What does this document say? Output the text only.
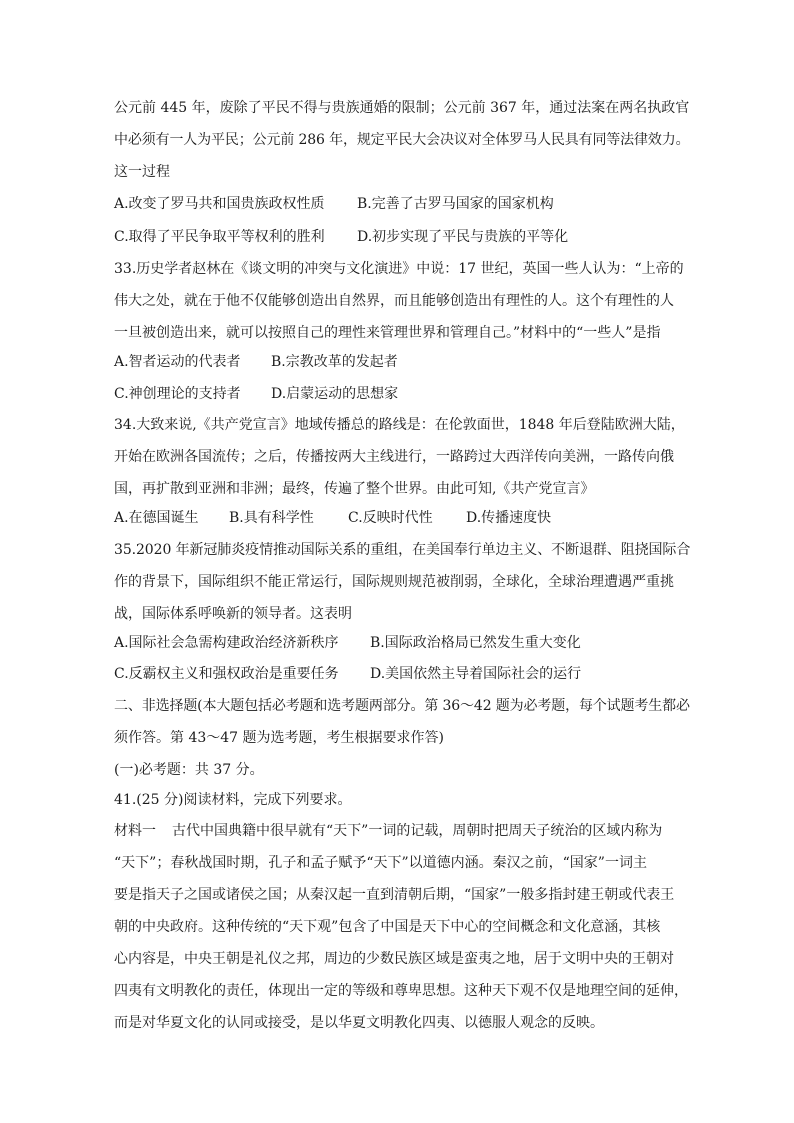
公元前 445 年，废除了平民不得与贵族通婚的限制；公元前 367 年，通过法案在两名执政官
中必须有一人为平民；公元前 286 年，规定平民大会决议对全体罗马人民具有同等法律效力。
这一过程
A.改变了罗马共和国贵族政权性质 B.完善了古罗马国家的国家机构
C.取得了平民争取平等权利的胜利 D.初步实现了平民与贵族的平等化
33.历史学者赵林在《谈文明的冲突与文化演进》中说：17 世纪，英国一些人认为：“上帝的
伟大之处，就在于他不仅能够创造出自然界，而且能够创造出有理性的人。这个有理性的人
一旦被创造出来，就可以按照自己的理性来管理世界和管理自己。”材料中的“一些人”是指
A.智者运动的代表者 B.宗教改革的发起者
C.神创理论的支持者 D.启蒙运动的思想家
34.大致来说,《共产党宣言》地域传播总的路线是：在伦敦面世，1848 年后登陆欧洲大陆，
开始在欧洲各国流传；之后，传播按两大主线进行，一路跨过大西洋传向美洲，一路传向俄
国，再扩散到亚洲和非洲；最终，传遍了整个世界。由此可知,《共产党宣言》
A.在德国诞生 B.具有科学性 C.反映时代性 D.传播速度快
35.2020 年新冠肺炎疫情推动国际关系的重组，在美国奉行单边主义、不断退群、阻挠国际合
作的背景下，国际组织不能正常运行，国际规则规范被削弱，全球化，全球治理遭遇严重挑
战，国际体系呼唤新的领导者。这表明
A.国际社会急需构建政治经济新秩序 B.国际政治格局已然发生重大变化
C.反霸权主义和强权政治是重要任务 D.美国依然主导着国际社会的运行
二、非选择题(本大题包括必考题和选考题两部分。第 36～42 题为必考题，每个试题考生都必
须作答。第 43～47 题为选考题，考生根据要求作答)
(一)必考题：共 37 分。
41.(25 分)阅读材料，完成下列要求。
材料一 古代中国典籍中很早就有“天下”一词的记载，周朝时把周天子统治的区域内称为
“天下”；春秋战国时期，孔子和孟子赋予“天下”以道德内涵。秦汉之前，“国家”一词主
要是指天子之国或诸侯之国；从秦汉起一直到清朝后期，“国家”一般多指封建王朝或代表王
朝的中央政府。这种传统的“天下观”包含了中国是天下中心的空间概念和文化意涵，其核
心内容是，中央王朝是礼仪之邦，周边的少数民族区域是蛮夷之地，居于文明中央的王朝对
四夷有文明教化的责任，体现出一定的等级和尊卑思想。这种天下观不仅是地理空间的延伸，
而是对华夏文化的认同或接受，是以华夏文明教化四夷、以德服人观念的反映。
